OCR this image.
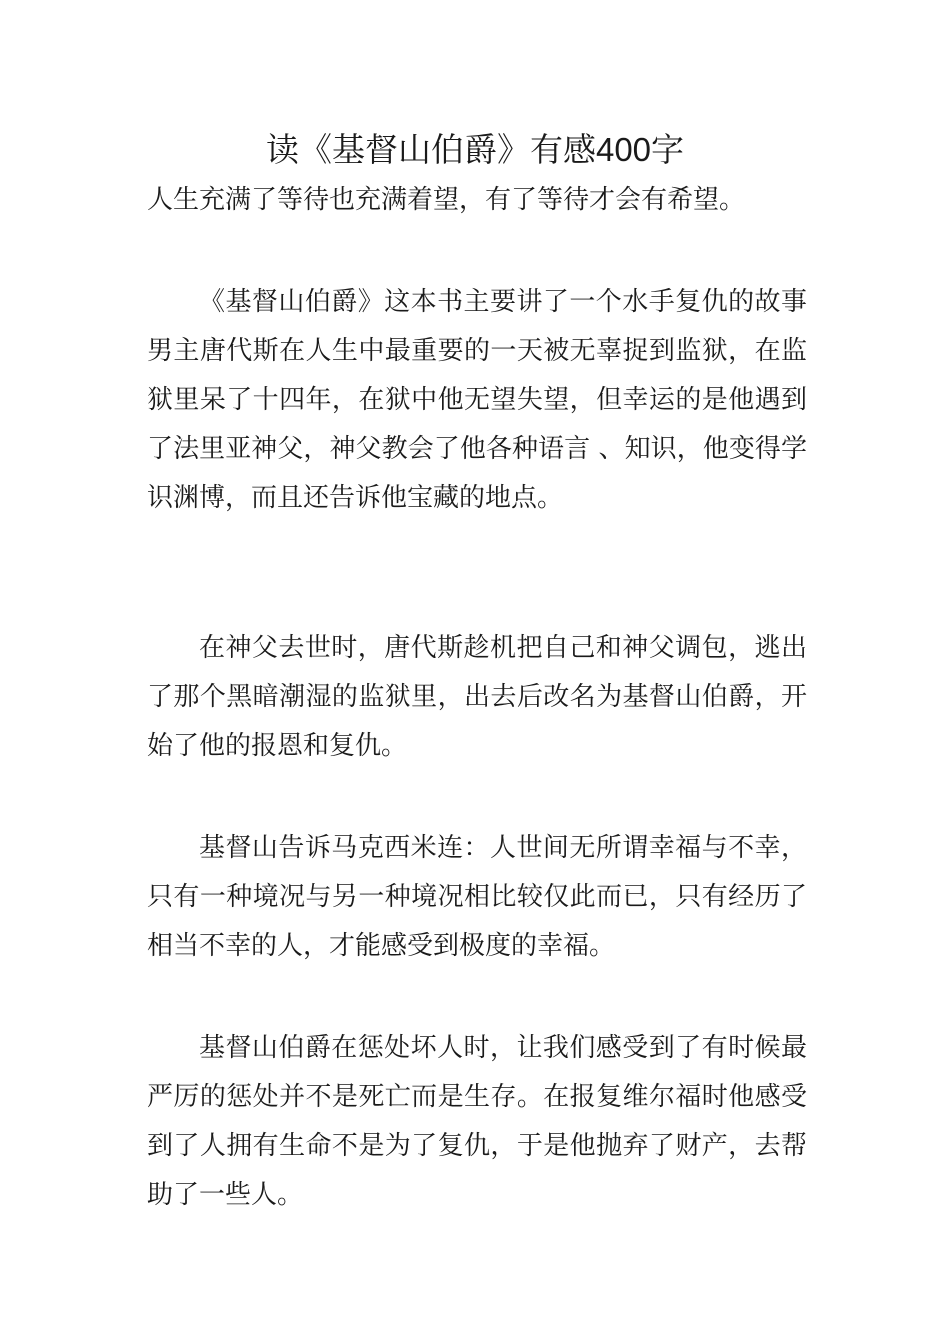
读《基督山伯爵》有感400字

人生充满了等待也充满着望，有了等待才会有希望。

《基督山伯爵》这本书主要讲了一个水手复仇的故事男主唐代斯在人生中最重要的一天被无辜捉到监狱，在监狱里呆了十四年，在狱中他无望失望，但幸运的是他遇到了法里亚神父，神父教会了他各种语言 、知识，他变得学识渊博，而且还告诉他宝藏的地点。

在神父去世时，唐代斯趁机把自己和神父调包，逃出了那个黑暗潮湿的监狱里，出去后改名为基督山伯爵，开始了他的报恩和复仇。

基督山告诉马克西米连：人世间无所谓幸福与不幸，只有一种境况与另一种境况相比较仅此而已，只有经历了相当不幸的人，才能感受到极度的幸福。

基督山伯爵在惩处坏人时，让我们感受到了有时候最严厉的惩处并不是死亡而是生存。在报复维尔福时他感受到了人拥有生命不是为了复仇，于是他抛弃了财产，去帮助了一些人。
